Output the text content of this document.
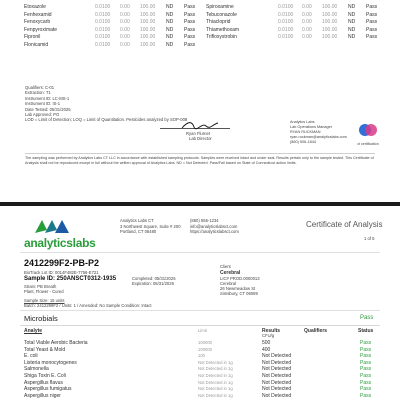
Etoxazole	0.0100 0.00 100.00 ND Pass Spiroxamine	0.0100 0.00 100.00 ND Pass
Fenhexamid	0.0100 0.00 100.00 ND Pass Tebuconazole	0.0100 0.00 100.00 ND Pass
Fenoxycarb	0.0100 0.00 100.00 ND Pass Thiacloprid	0.0100 0.00 100.00 ND Pass
Fenpyroximate	0.0100 0.00 100.00 ND Pass Thiamethoxam	0.0100 0.00 100.00 ND Pass
Fipronil	0.0100 0.00 100.00 ND Pass Trifloxystrobin	0.0100 0.00 100.00 ND Pass
Flonicamid	0.0100 0.00 100.00 ND Pass
Qualifiers: C-01
Extraction: T1
Instrument ID: LC-MS-1
Instrument ID: IS-1
Date Tested: 05/31/2025
Lab Approved: PO
LOD = Limit of Detection; LOQ = Limit of Quantitation. Pesticides analyzed by SOP-008
Ryan Flurnet
Lab Director
Analytics Labs
Lab Operations Manager
RYAN RUCKMAN
ryan.ruckman@analyticslabs.com
(860) 506-1844	ct certification
The sampling was performed by Analytics Labs CT LLC in accordance with established sampling protocols. Samples were received intact and under seal. Results pertain only to the sample tested. This Certificate of Analysis shall not be reproduced except in full without the written approval of Analytics Labs. ND = Not Detected. Pass/Fail based on State of Connecticut action limits.
analyticslabs
Analytics Labs CT
3 Northwest Square, Suite # 200
Portland, CT 06480
(860) 555-1234
info@analyticslabsct.com
https://analyticslabsct.com
Certificate of Analysis
1 of 5
2412299F2-PB-P2
BioTrack Lot ID: 0014F482E-7756-E721
Sample ID: 250ANSCT0312-1935
Strain: PB Breath
Plant, Flower - Cured
Completed: 05/31/2025
Expiration: 05/31/2026
Client
Cerebral
LIC# PROD.0000013
Cerebral
26 Newmeadow St
Simsbury, CT 06089
Sample Size: 15 units
Batch: 2412299F2 / Units: 1 / Amended: No Sample Condition: Intact
Microbials	Pass
Analyte	Limit	Results
CFU/g
Qualifiers	Status
Total Viable Aerobic Bacteria	100000	500	Pass
Total Yeast & Mold	100000	400	Pass
E. coli	100	Not Detected	Pass
Listeria monocytogenes	Not Detected in 1g	Not Detected	Pass
Salmonella	Not Detected in 1g	Not Detected	Pass
Shiga Toxin E. Coli	Not Detected in 1g	Not Detected	Pass
Aspergillus flavus	Not Detected in 1g	Not Detected	Pass
Aspergillus fumigatus	Not Detected in 1g	Not Detected	Pass
Aspergillus niger	Not Detected in 1g	Not Detected	Pass
